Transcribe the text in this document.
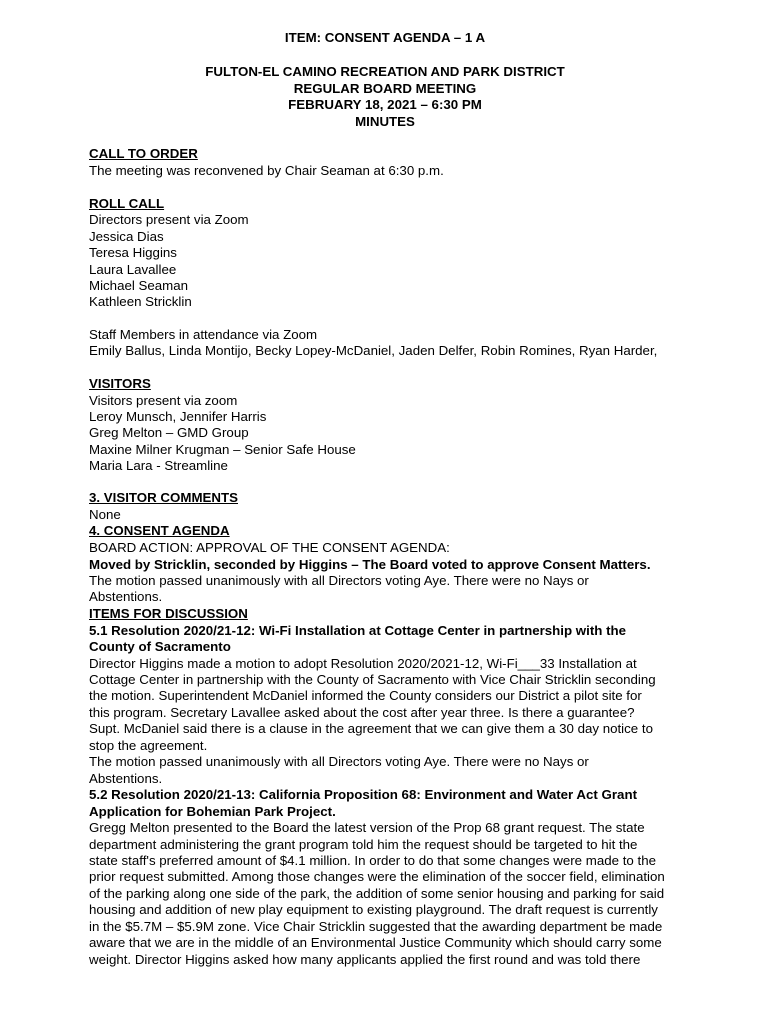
ITEM: CONSENT AGENDA – 1 A
FULTON-EL CAMINO RECREATION AND PARK DISTRICT
REGULAR BOARD MEETING
FEBRUARY 18, 2021 – 6:30 PM
MINUTES
CALL TO ORDER
The meeting was reconvened by Chair Seaman at 6:30 p.m.
ROLL CALL
Directors present via Zoom
Jessica Dias
Teresa Higgins
Laura Lavallee
Michael Seaman
Kathleen Stricklin
Staff Members in attendance via Zoom
Emily Ballus, Linda Montijo, Becky Lopey-McDaniel, Jaden Delfer, Robin Romines, Ryan Harder,
VISITORS
Visitors present via zoom
Leroy Munsch, Jennifer Harris
Greg Melton – GMD Group
Maxine Milner Krugman – Senior Safe House
Maria Lara - Streamline
3. VISITOR COMMENTS
None
4. CONSENT AGENDA
BOARD ACTION: APPROVAL OF THE CONSENT AGENDA:
Moved by Stricklin, seconded by Higgins – The Board voted to approve Consent Matters.
The motion passed unanimously with all Directors voting Aye. There were no Nays or
Abstentions.
ITEMS FOR DISCUSSION
5.1 Resolution 2020/21-12: Wi-Fi Installation at Cottage Center in partnership with the
County of Sacramento
Director Higgins made a motion to adopt Resolution 2020/2021-12, Wi-Fi___33 Installation at
Cottage Center in partnership with the County of Sacramento with Vice Chair Stricklin seconding
the motion. Superintendent McDaniel informed the County considers our District a pilot site for
this program. Secretary Lavallee asked about the cost after year three. Is there a guarantee?
Supt. McDaniel said there is a clause in the agreement that we can give them a 30 day notice to
stop the agreement.
The motion passed unanimously with all Directors voting Aye. There were no Nays or
Abstentions.
5.2 Resolution 2020/21-13: California Proposition 68: Environment and Water Act Grant
Application for Bohemian Park Project.
Gregg Melton presented to the Board the latest version of the Prop 68 grant request. The state
department administering the grant program told him the request should be targeted to hit the
state staff's preferred amount of $4.1 million. In order to do that some changes were made to the
prior request submitted. Among those changes were the elimination of the soccer field, elimination
of the parking along one side of the park, the addition of some senior housing and parking for said
housing and addition of new play equipment to existing playground. The draft request is currently
in the $5.7M – $5.9M zone. Vice Chair Stricklin suggested that the awarding department be made
aware that we are in the middle of an Environmental Justice Community which should carry some
weight. Director Higgins asked how many applicants applied the first round and was told there
